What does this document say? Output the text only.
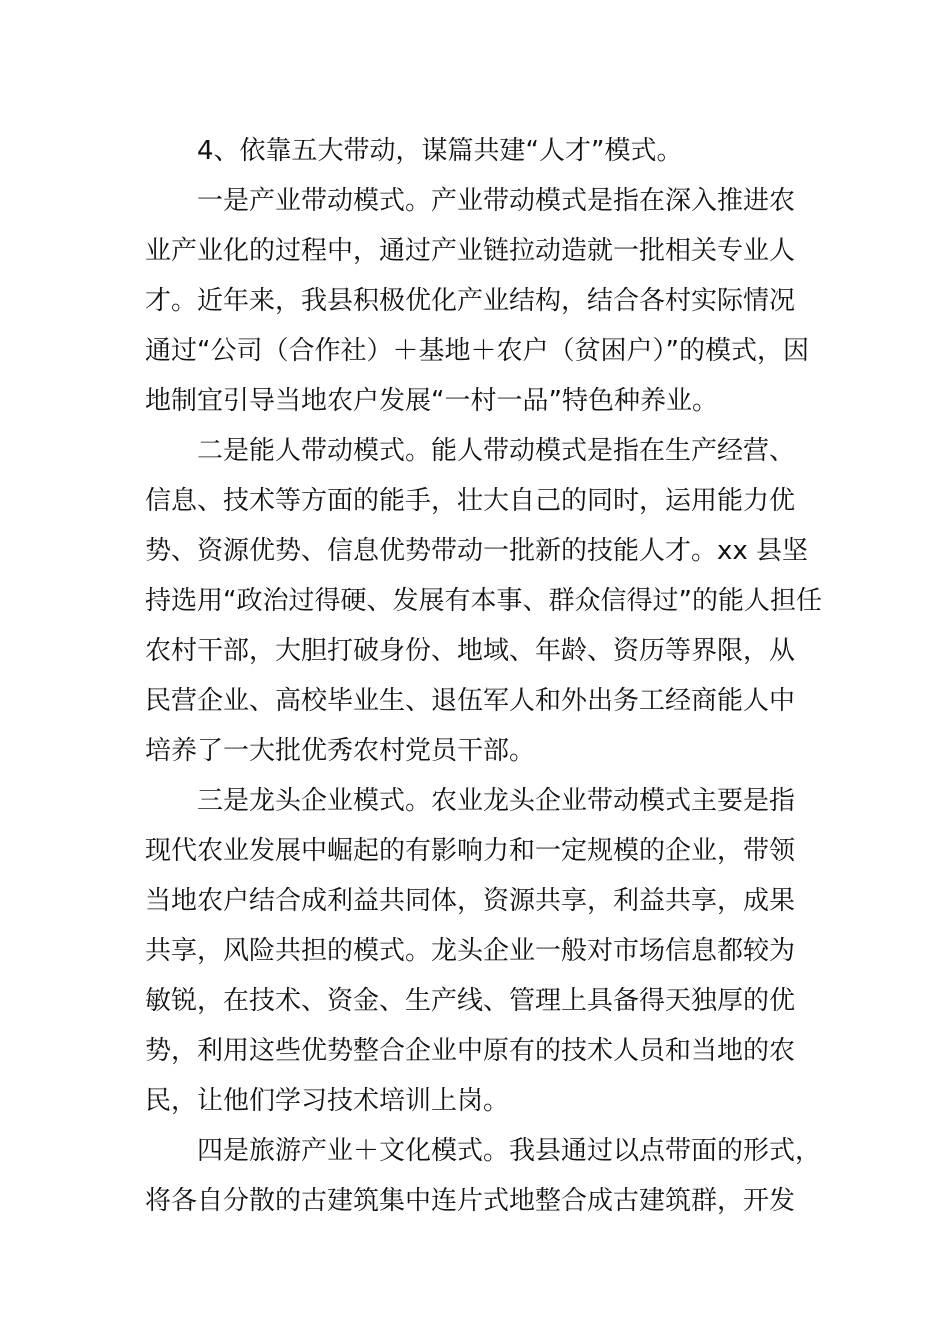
4、依靠五大带动，谋篇共建“人才”模式。
一是产业带动模式。产业带动模式是指在深入推进农
业产业化的过程中，通过产业链拉动造就一批相关专业人
才。近年来，我县积极优化产业结构，结合各村实际情况
通过“公司（合作社）＋基地＋农户（贫困户）”的模式，因
地制宜引导当地农户发展“一村一品”特色种养业。
二是能人带动模式。能人带动模式是指在生产经营、
信息、技术等方面的能手，壮大自己的同时，运用能力优
势、资源优势、信息优势带动一批新的技能人才。xx 县坚
持选用“政治过得硬、发展有本事、群众信得过”的能人担任
农村干部，大胆打破身份、地域、年龄、资历等界限，从
民营企业、高校毕业生、退伍军人和外出务工经商能人中
培养了一大批优秀农村党员干部。
三是龙头企业模式。农业龙头企业带动模式主要是指
现代农业发展中崛起的有影响力和一定规模的企业，带领
当地农户结合成利益共同体，资源共享，利益共享，成果
共享，风险共担的模式。龙头企业一般对市场信息都较为
敏锐，在技术、资金、生产线、管理上具备得天独厚的优
势，利用这些优势整合企业中原有的技术人员和当地的农
民，让他们学习技术培训上岗。
四是旅游产业＋文化模式。我县通过以点带面的形式，
将各自分散的古建筑集中连片式地整合成古建筑群，开发
